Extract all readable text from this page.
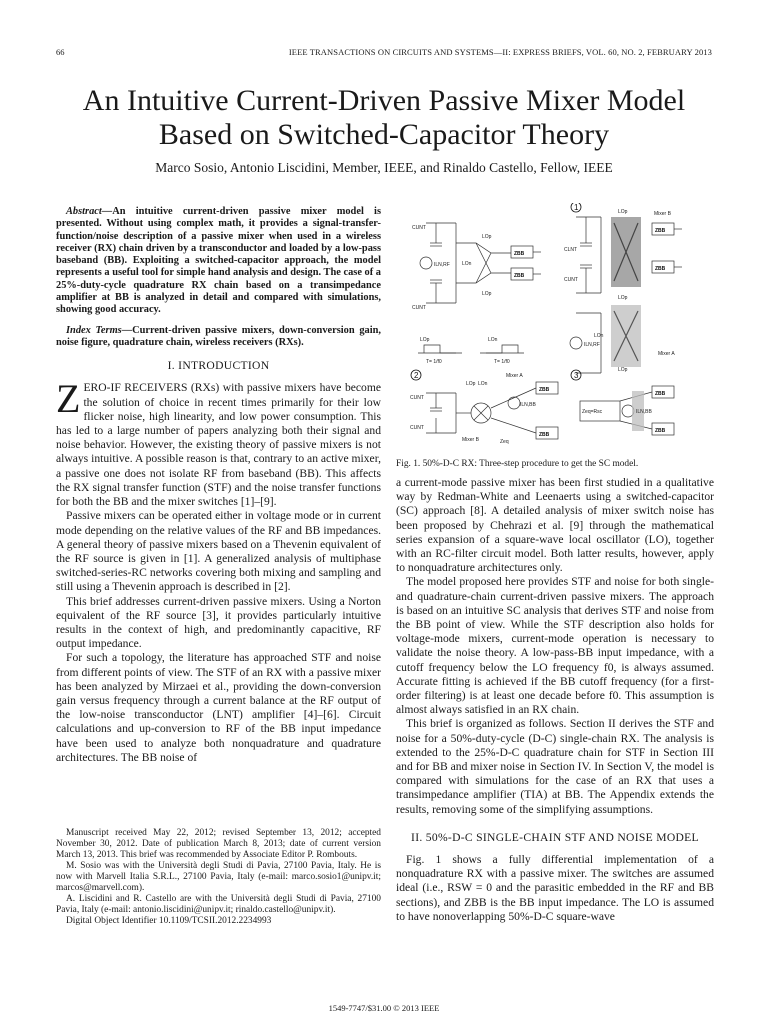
66	IEEE TRANSACTIONS ON CIRCUITS AND SYSTEMS—II: EXPRESS BRIEFS, VOL. 60, NO. 2, FEBRUARY 2013
An Intuitive Current-Driven Passive Mixer Model
Based on Switched-Capacitor Theory
Marco Sosio, Antonio Liscidini, Member, IEEE, and Rinaldo Castello, Fellow, IEEE

Abstract—An intuitive current-driven passive mixer model is presented. Without using complex math, it provides a signal-transfer-function/noise description of a passive mixer when used in a wireless receiver (RX) chain driven by a transconductor and loaded by a low-pass baseband (BB). Exploiting a switched-capacitor approach, the model represents a useful tool for simple hand analysis and design. The case of a 25%-duty-cycle quadrature RX chain based on a transimpedance amplifier at BB is analyzed in detail and compared with simulations, showing good accuracy.

Index Terms—Current-driven passive mixers, down-conversion gain, noise figure, quadrature chain, wireless receivers (RXs).

I. INTRODUCTION

ZERO-IF RECEIVERS (RXs) with passive mixers have become the solution of choice in recent times primarily for their low flicker noise, high linearity, and low power consumption. This has led to a large number of papers analyzing both their signal and noise behavior. However, the existing theory of passive mixers is not always intuitive. A possible reason is that, contrary to an active mixer, a passive one does not isolate RF from baseband (BB). This affects the RX signal transfer function (STF) and the noise transfer functions for both the BB and the mixer switches [1]–[9].

Passive mixers can be operated either in voltage mode or in current mode depending on the relative values of the RF and BB impedances. A general theory of passive mixers based on a Thevenin equivalent of the RF source is given in [1]. A generalized analysis of multiphase switched-series-RC networks covering both mixing and sampling and still using a Thevenin approach is described in [2].

This brief addresses current-driven passive mixers. Using a Norton equivalent of the RF source [3], it provides particularly intuitive results in the context of high, and predominantly capacitive, RF output impedance.

For such a topology, the literature has approached STF and noise from different points of view. The STF of an RX with a passive mixer has been analyzed by Mirzaei et al., providing the down-conversion gain versus frequency through a current balance at the RF output of the low-noise transconductor (LNT) amplifier [4]–[6]. Circuit calculations and up-conversion to RF of the BB input impedance have been used to analyze both nonquadrature and quadrature architectures. The BB noise of

Manuscript received May 22, 2012; revised September 13, 2012; accepted November 30, 2012. Date of publication March 8, 2013; date of current version March 13, 2013. This brief was recommended by Associate Editor P. Rombouts.

M. Sosio was with the Università degli Studi di Pavia, 27100 Pavia, Italy. He is now with Marvell Italia S.R.L., 27100 Pavia, Italy (e-mail: marco.sosio1@unipv.it; marcos@marvell.com).

A. Liscidini and R. Castello are with the Università degli Studi di Pavia, 27100 Pavia, Italy (e-mail: antonio.liscidini@unipv.it; rinaldo.castello@unipv.it).

Digital Object Identifier 10.1109/TCSII.2012.2234993

1
2	3
CUNT
CUNT
ILN,RF
LOp
LOp
LOn
ZBB
ZBB
LOp	LOn
T= 1/f0	T= 1/f0
LOp	Mixer B
CLNT
CUNT
ZBB
ZBB
LOp
ILN,RF
LOn
LOp
Mixer A
LOp LOn
Mixer A
CUNT
CUNT
Mixer B
ILN,BB
Zeq
ZBB
ZBB
Zeq=Rsc	ILN,BB
ZBB
ZBB
Fig. 1. 50%-D-C RX: Three-step procedure to get the SC model.

a current-mode passive mixer has been first studied in a qualitative way by Redman-White and Leenaerts using a switched-capacitor (SC) approach [8]. A detailed analysis of mixer switch noise has been proposed by Chehrazi et al. [9] through the mathematical series expansion of a square-wave local oscillator (LO), together with an RC-filter circuit model. Both latter results, however, apply to nonquadrature architectures only.

The model proposed here provides STF and noise for both single- and quadrature-chain current-driven passive mixers. The approach is based on an intuitive SC analysis that derives STF and noise from the BB point of view. While the STF description also holds for voltage-mode mixers, current-mode operation is necessary to validate the noise theory. A low-pass-BB input impedance, with a cutoff frequency below the LO frequency f0, is always assumed. Accurate fitting is achieved if the BB cutoff frequency (for a first-order filtering) is at least one decade before f0. This assumption is almost always satisfied in an RX chain.

This brief is organized as follows. Section II derives the STF and noise for a 50%-duty-cycle (D-C) single-chain RX. The analysis is extended to the 25%-D-C quadrature chain for STF in Section III and for BB and mixer noise in Section IV. In Section V, the model is compared with simulations for the case of an RX that uses a transimpedance amplifier (TIA) at BB. The Appendix extends the results, removing some of the simplifying assumptions.

II. 50%-D-C SINGLE-CHAIN STF AND NOISE MODEL

Fig. 1 shows a fully differential implementation of a nonquadrature RX with a passive mixer. The switches are assumed ideal (i.e., RSW = 0 and the parasitic embedded in the RF and BB sections), and ZBB is the BB input impedance. The LO is assumed to have nonoverlapping 50%-D-C square-wave

1549-7747/$31.00 © 2013 IEEE
